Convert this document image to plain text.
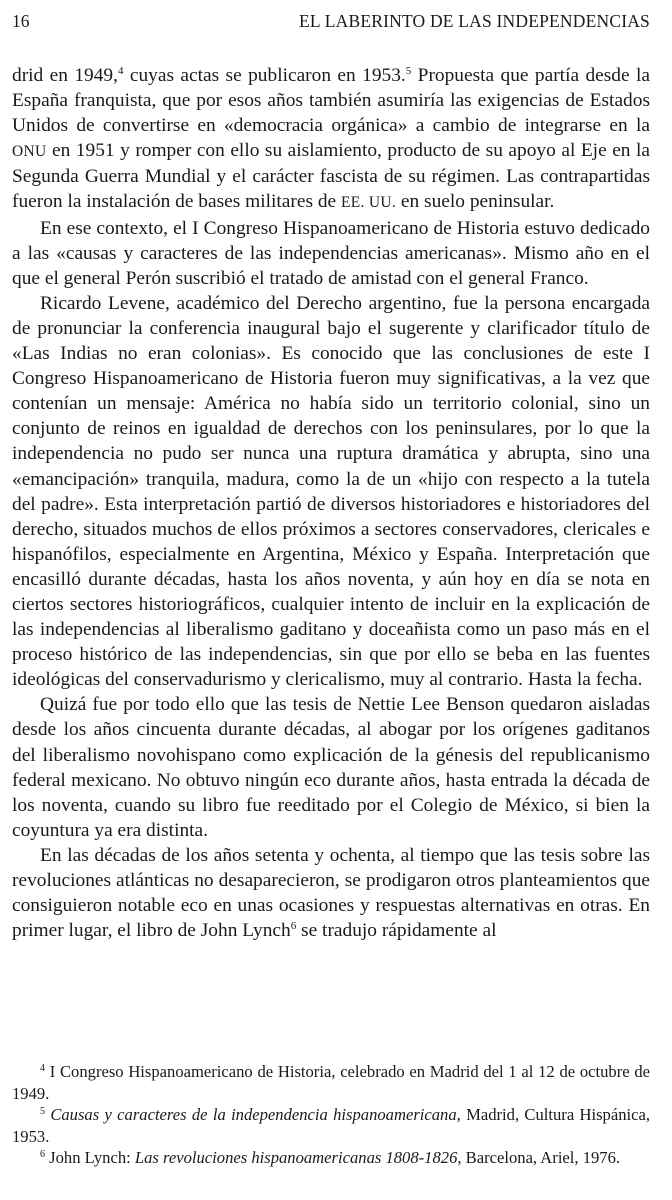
16	EL LABERINTO DE LAS INDEPENDENCIAS

drid en 1949,$^4$ cuyas actas se publicaron en 1953.$^5$ Propuesta que partía desde la España franquista, que por esos años también asumiría las exigencias de Estados Unidos de convertirse en «democracia orgánica» a cambio de integrarse en la ONU en 1951 y romper con ello su aislamiento, producto de su apoyo al Eje en la Segunda Guerra Mundial y el carácter fascista de su régimen. Las contrapartidas fueron la instalación de bases militares de EE. UU. en suelo peninsular.

En ese contexto, el I Congreso Hispanoamericano de Historia estuvo dedicado a las «causas y caracteres de las independencias americanas». Mismo año en el que el general Perón suscribió el tratado de amistad con el general Franco.

Ricardo Levene, académico del Derecho argentino, fue la persona encargada de pronunciar la conferencia inaugural bajo el sugerente y clarificador título de «Las Indias no eran colonias». Es conocido que las conclusiones de este I Congreso Hispanoamericano de Historia fueron muy significativas, a la vez que contenían un mensaje: América no había sido un territorio colonial, sino un conjunto de reinos en igualdad de derechos con los peninsulares, por lo que la independencia no pudo ser nunca una ruptura dramática y abrupta, sino una «emancipación» tranquila, madura, como la de un «hijo con respecto a la tutela del padre». Esta interpretación partió de diversos historiadores e historiadores del derecho, situados muchos de ellos próximos a sectores conservadores, clericales e hispanófilos, especialmente en Argentina, México y España. Interpretación que encasilló durante décadas, hasta los años noventa, y aún hoy en día se nota en ciertos sectores historiográficos, cualquier intento de incluir en la explicación de las independencias al liberalismo gaditano y doceañista como un paso más en el proceso histórico de las independencias, sin que por ello se beba en las fuentes ideológicas del conservadurismo y clericalismo, muy al contrario. Hasta la fecha.

Quizá fue por todo ello que las tesis de Nettie Lee Benson quedaron aisladas desde los años cincuenta durante décadas, al abogar por los orígenes gaditanos del liberalismo novohispano como explicación de la génesis del republicanismo federal mexicano. No obtuvo ningún eco durante años, hasta entrada la década de los noventa, cuando su libro fue reeditado por el Colegio de México, si bien la coyuntura ya era distinta.

En las décadas de los años setenta y ochenta, al tiempo que las tesis sobre las revoluciones atlánticas no desaparecieron, se prodigaron otros planteamientos que consiguieron notable eco en unas ocasiones y respuestas alternativas en otras. En primer lugar, el libro de John Lynch$^6$ se tradujo rápidamente al

$^4$ I Congreso Hispanoamericano de Historia, celebrado en Madrid del 1 al 12 de octubre de 1949.

$^5$ Causas y caracteres de la independencia hispanoamericana, Madrid, Cultura Hispánica, 1953.

$^6$ John Lynch: Las revoluciones hispanoamericanas 1808-1826, Barcelona, Ariel, 1976.
